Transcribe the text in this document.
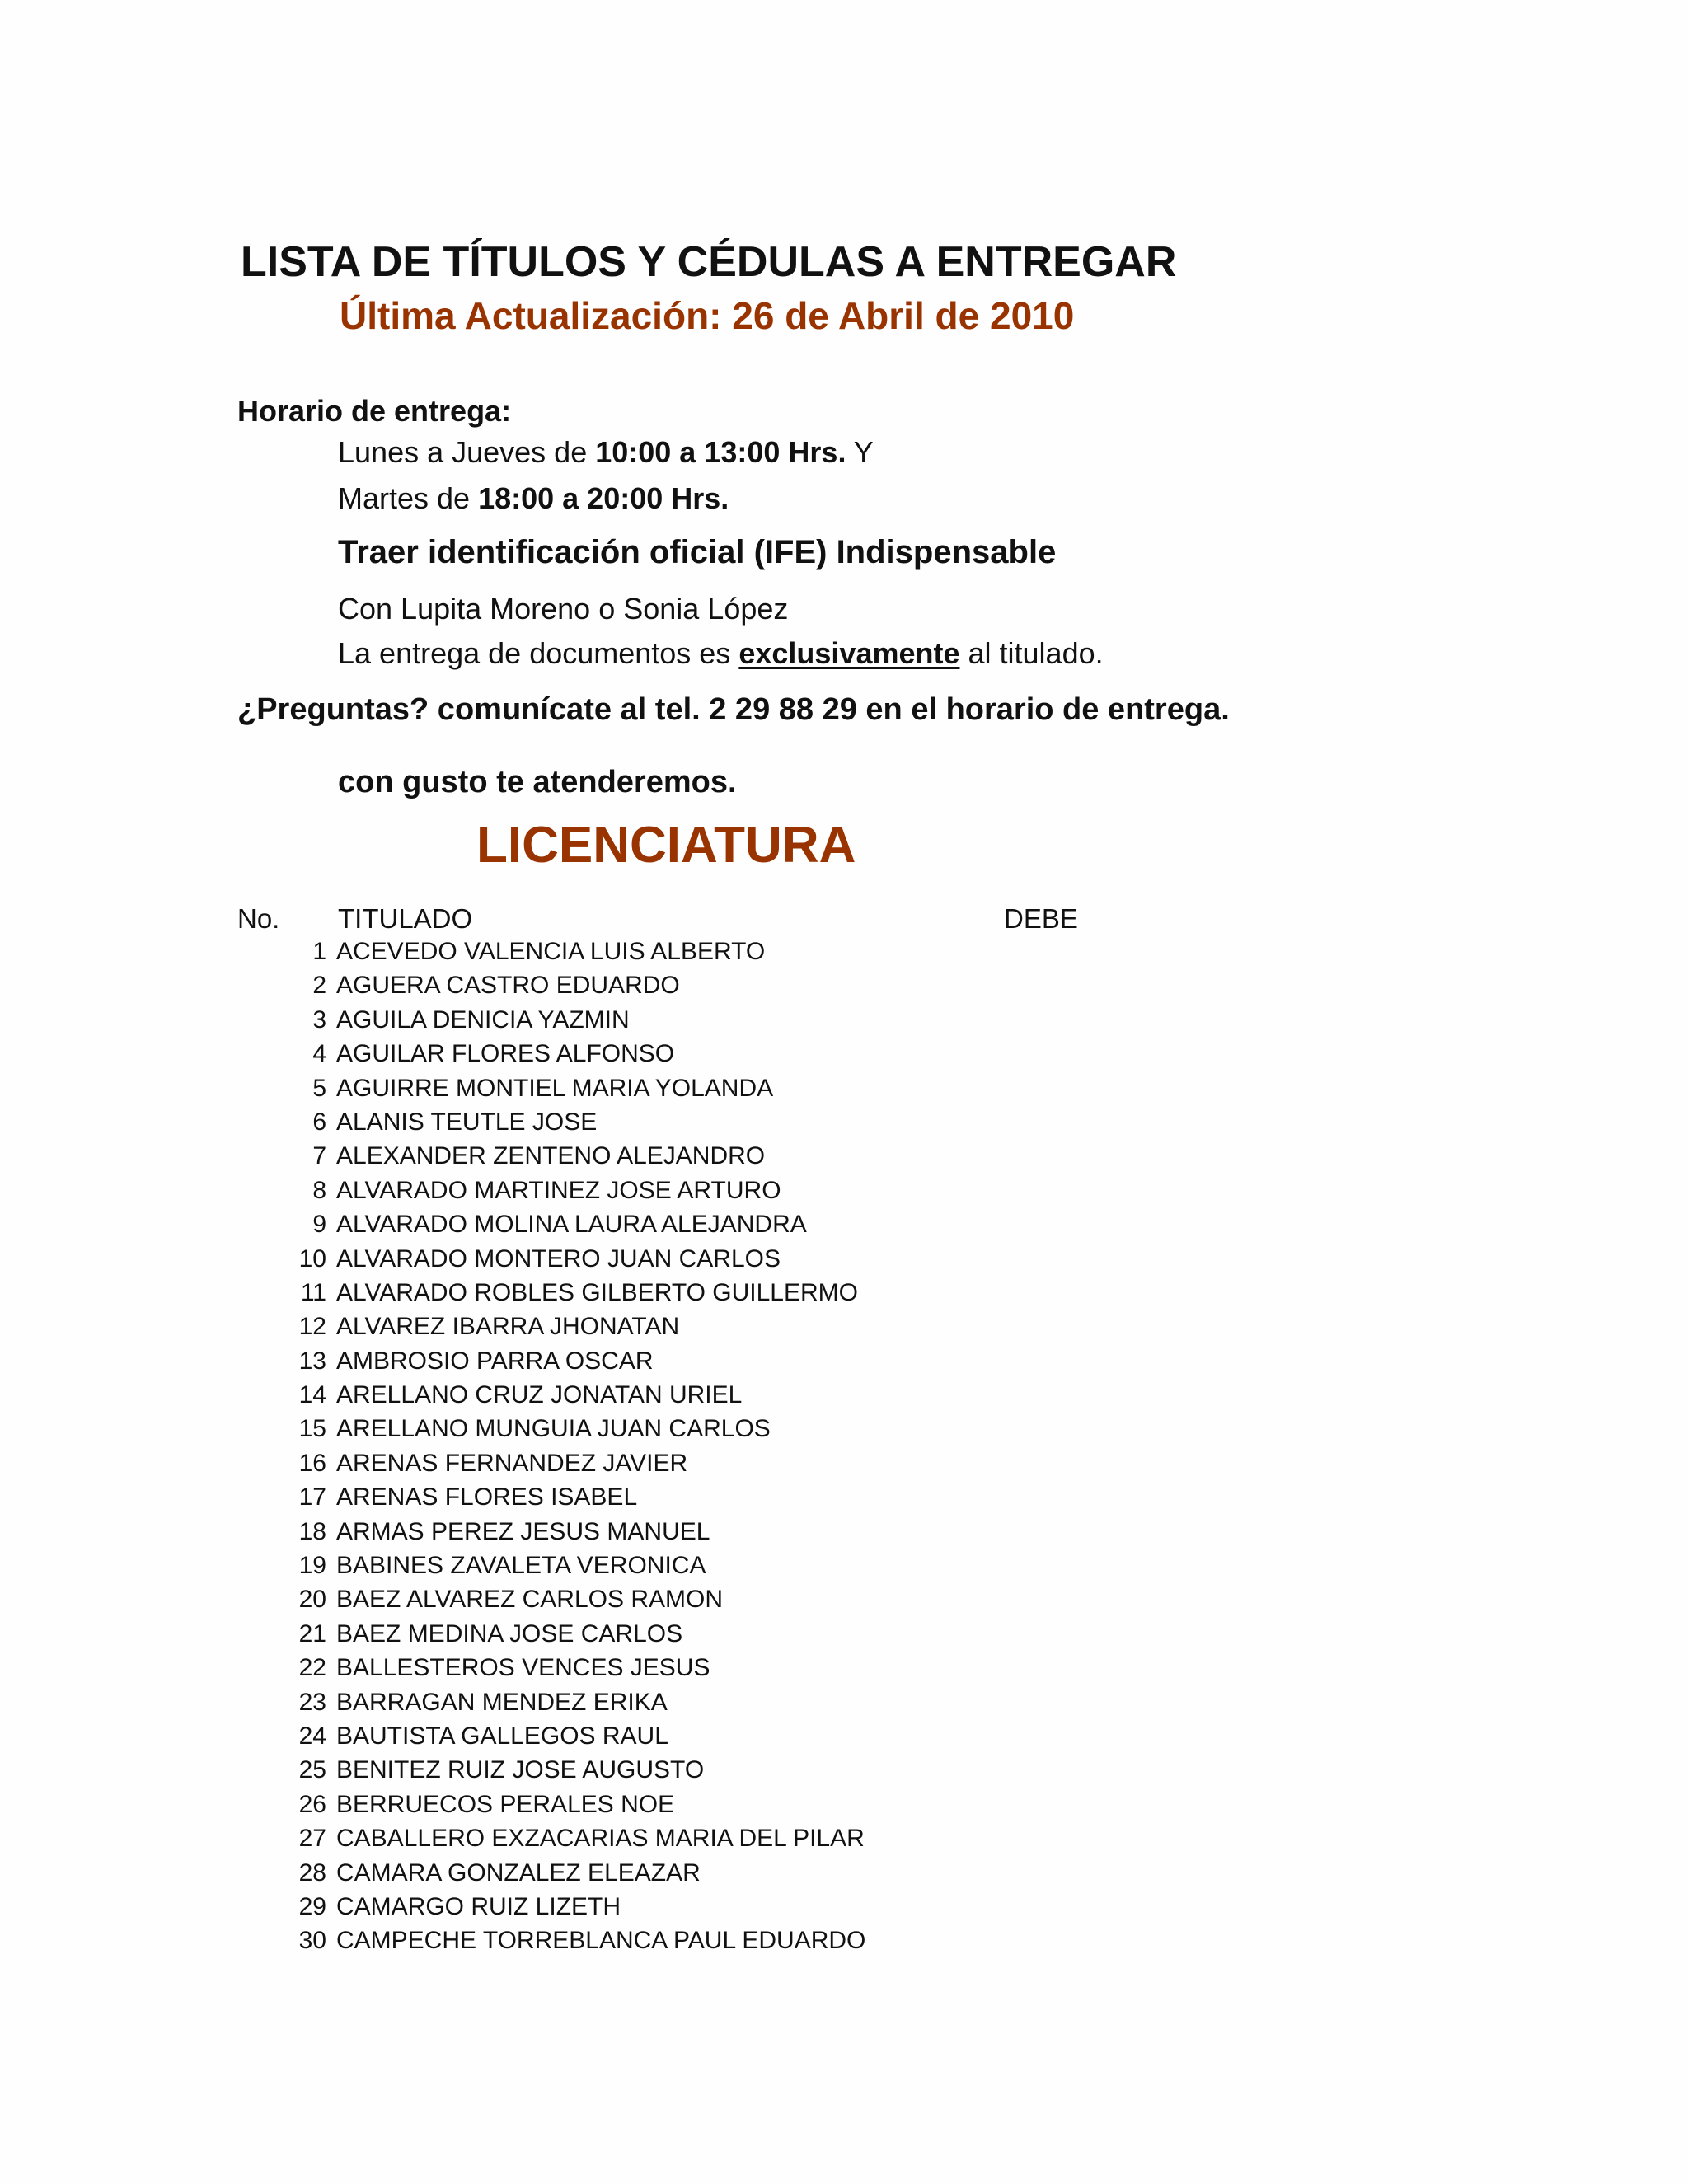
LISTA DE TÍTULOS Y CÉDULAS A ENTREGAR
Última Actualización: 26 de Abril de 2010
Horario de entrega:
Lunes a Jueves de 10:00 a 13:00 Hrs. Y
Martes de 18:00 a 20:00 Hrs.
Traer identificación oficial (IFE) Indispensable
Con Lupita Moreno o Sonia López
La entrega de documentos es exclusivamente al titulado.
¿Preguntas? comunícate al tel. 2 29 88 29 en el horario de entrega.
con gusto te atenderemos.
LICENCIATURA
No. TITULADO	DEBE
1 ACEVEDO VALENCIA LUIS ALBERTO
2 AGUERA CASTRO EDUARDO
3 AGUILA DENICIA YAZMIN
4 AGUILAR FLORES ALFONSO
5 AGUIRRE MONTIEL MARIA YOLANDA
6 ALANIS TEUTLE JOSE
7 ALEXANDER ZENTENO ALEJANDRO
8 ALVARADO MARTINEZ JOSE ARTURO
9 ALVARADO MOLINA LAURA ALEJANDRA
10 ALVARADO MONTERO JUAN CARLOS
11 ALVARADO ROBLES GILBERTO GUILLERMO
12 ALVAREZ IBARRA JHONATAN
13 AMBROSIO PARRA OSCAR
14 ARELLANO CRUZ JONATAN URIEL
15 ARELLANO MUNGUIA JUAN CARLOS
16 ARENAS FERNANDEZ JAVIER
17 ARENAS FLORES ISABEL
18 ARMAS PEREZ JESUS MANUEL
19 BABINES ZAVALETA VERONICA
20 BAEZ ALVAREZ CARLOS RAMON
21 BAEZ MEDINA JOSE CARLOS
22 BALLESTEROS VENCES JESUS
23 BARRAGAN MENDEZ ERIKA
24 BAUTISTA GALLEGOS RAUL
25 BENITEZ RUIZ JOSE AUGUSTO
26 BERRUECOS PERALES NOE
27 CABALLERO EXZACARIAS MARIA DEL PILAR
28 CAMARA GONZALEZ ELEAZAR
29 CAMARGO RUIZ LIZETH
30 CAMPECHE TORREBLANCA PAUL EDUARDO
